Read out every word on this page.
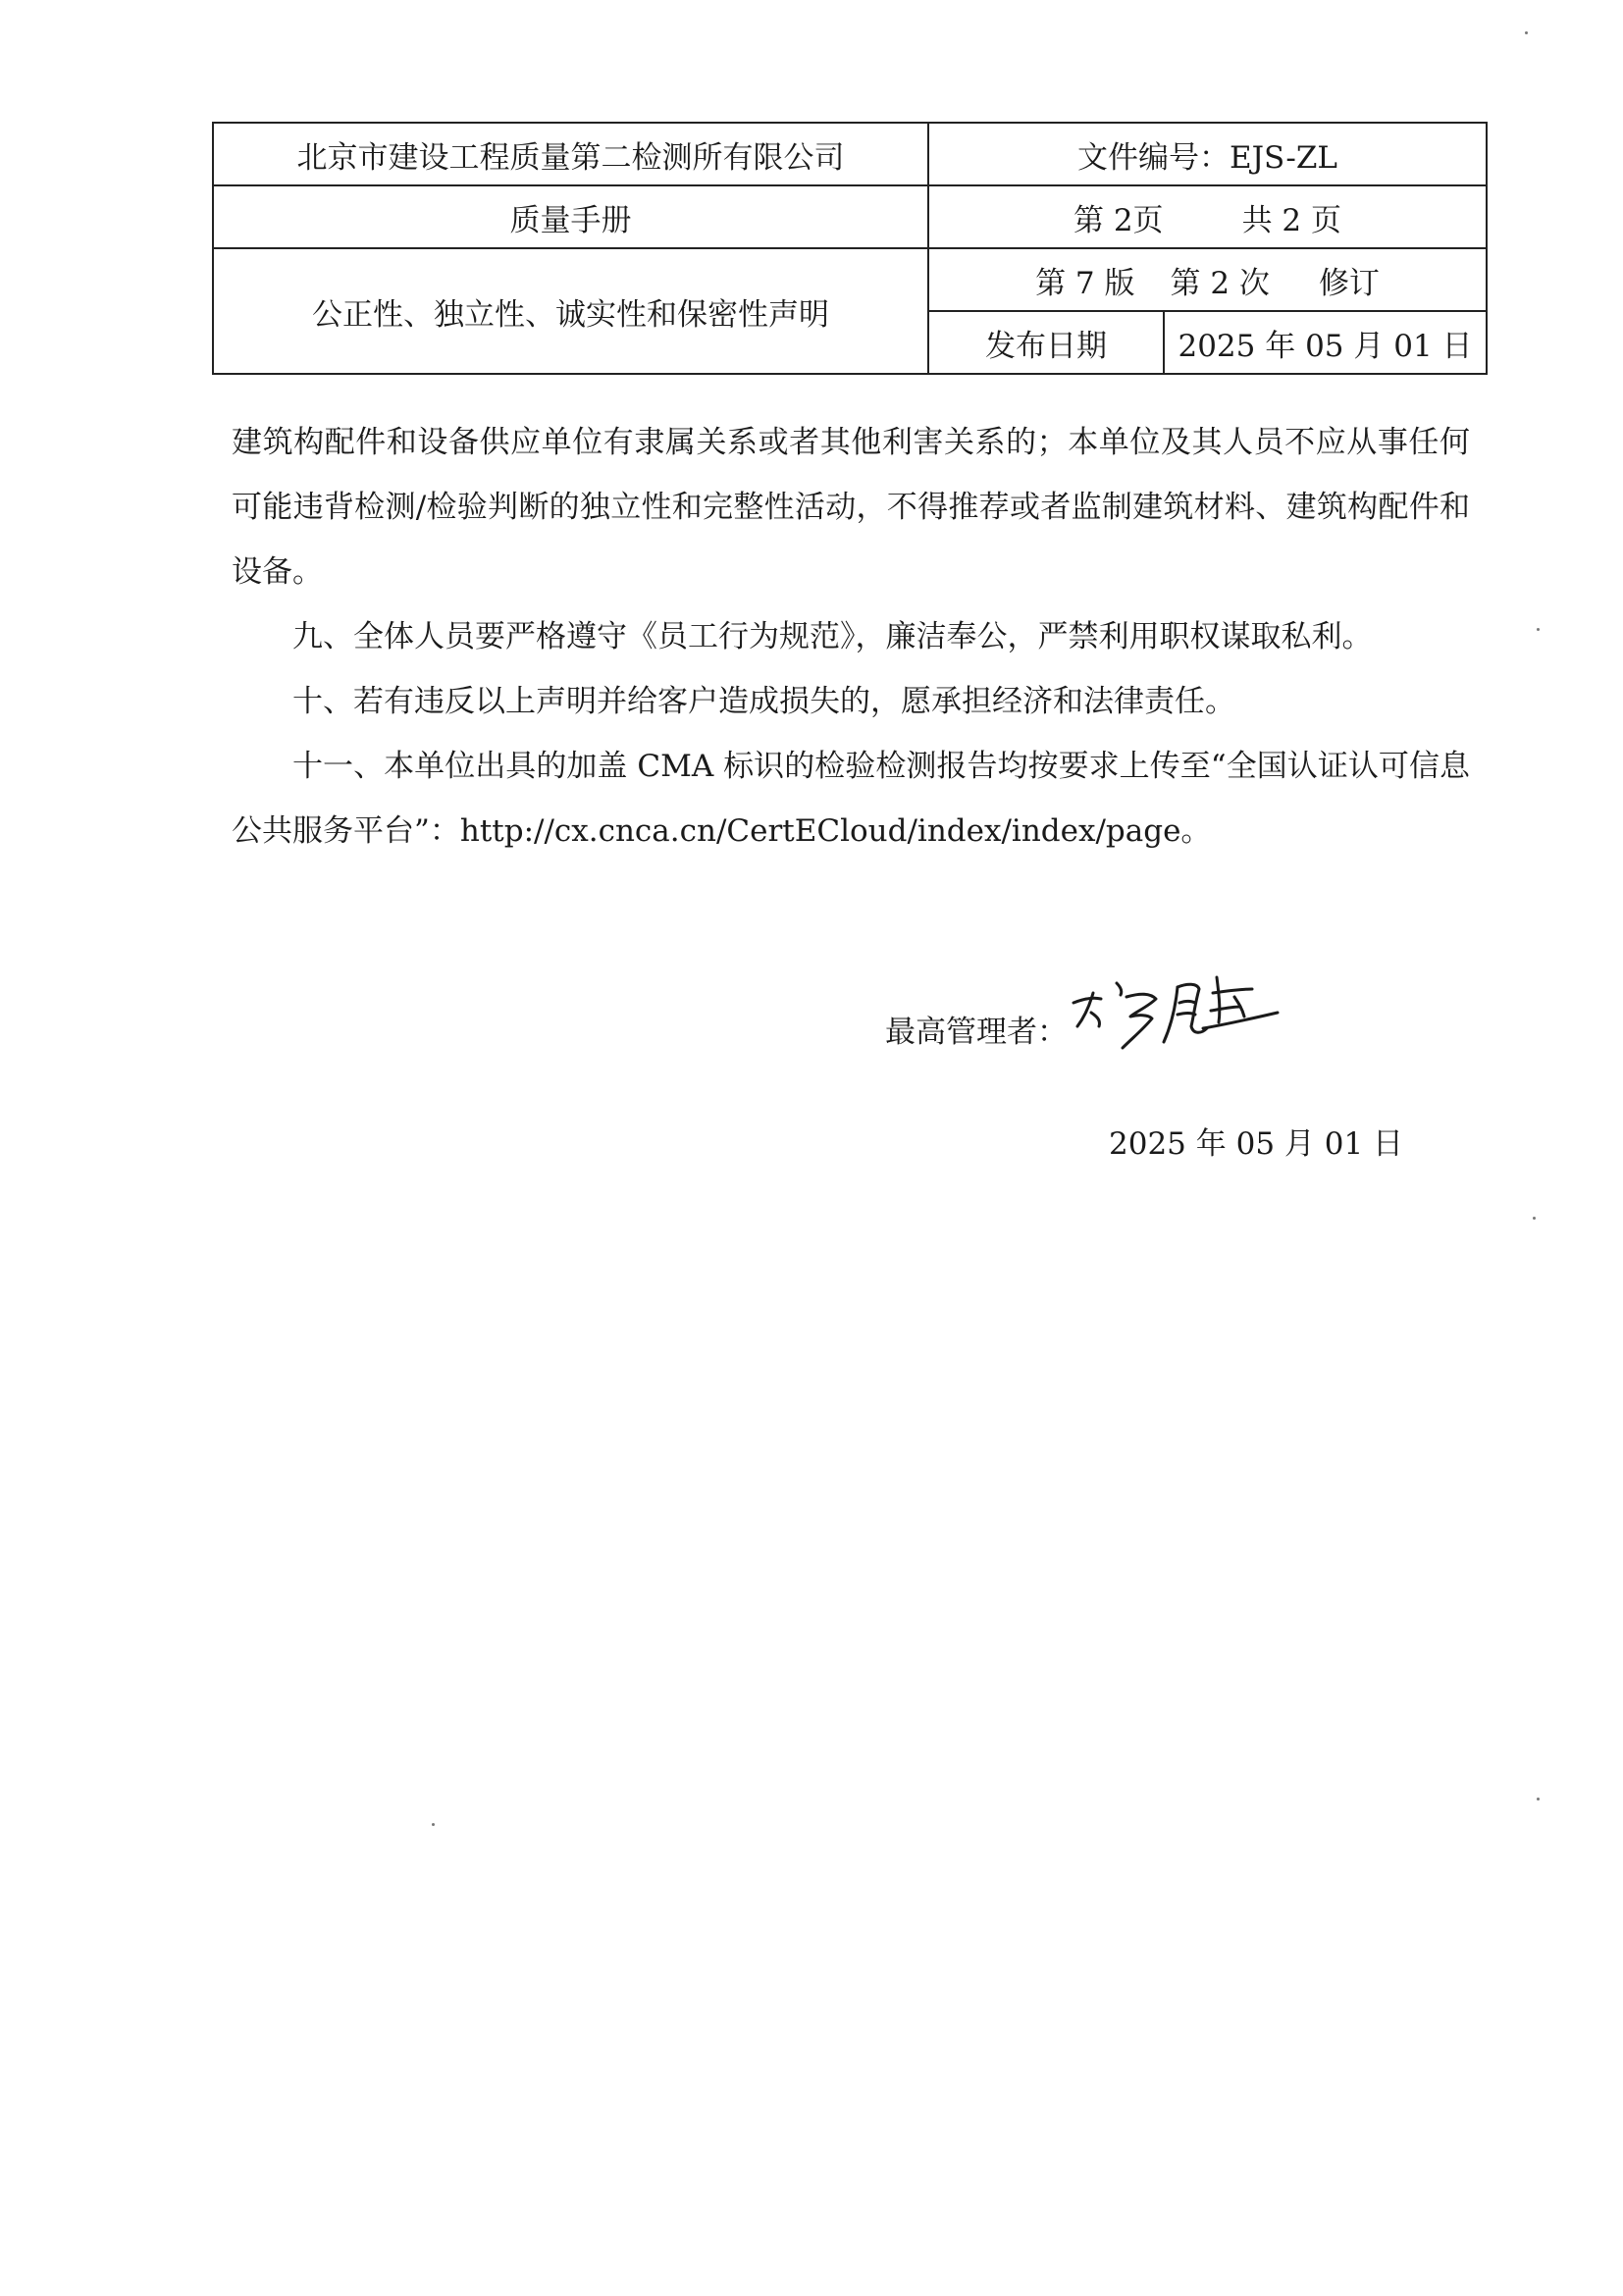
北京市建设工程质量第二检测所有限公司	文件编号：EJS-ZL	
质量手册	第 2页 共 2 页	
公正性、独立性、诚实性和保密性声明	第 7 版 第 2 次 修订	
	发布日期	2025 年 05 月 01 日

建筑构配件和设备供应单位有隶属关系或者其他利害关系的；本单位及其人员不应从事任何可能违背检测/检验判断的独立性和完整性活动，不得推荐或者监制建筑材料、建筑构配件和设备。

九、全体人员要严格遵守《员工行为规范》，廉洁奉公，严禁利用职权谋取私利。

十、若有违反以上声明并给客户造成损失的，愿承担经济和法律责任。

十一、本单位出具的加盖 CMA 标识的检验检测报告均按要求上传至“全国认证认可信息公共服务平台”：http://cx.cnca.cn/CertECloud/index/index/page。

最高管理者：
2025 年 05 月 01 日
